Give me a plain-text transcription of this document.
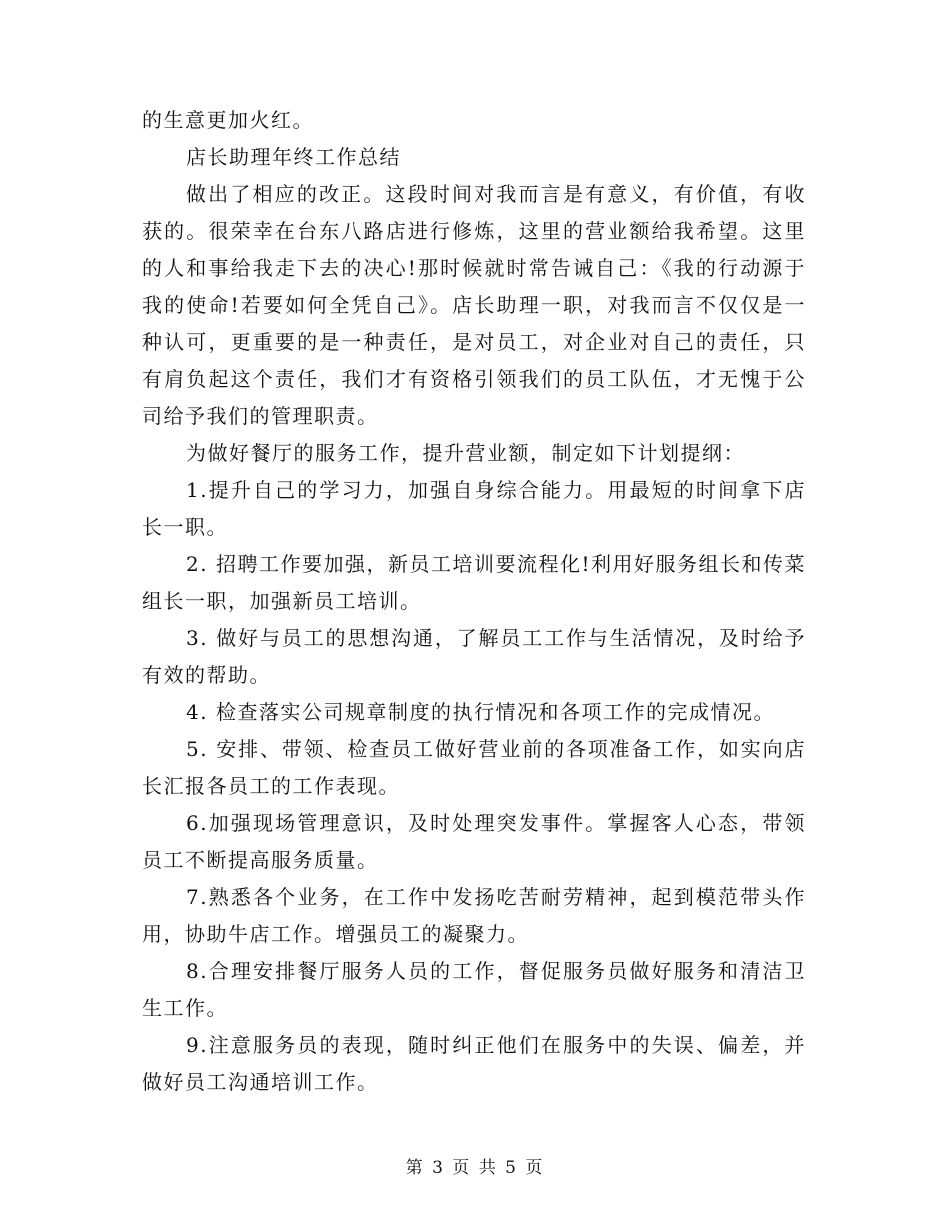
的生意更加火红。

店长助理年终工作总结

做出了相应的改正。这段时间对我而言是有意义，有价值，有收获的。很荣幸在台东八路店进行修炼，这里的营业额给我希望。这里的人和事给我走下去的决心!那时候就时常告诫自己：《我的行动源于我的使命!若要如何全凭自己》。店长助理一职，对我而言不仅仅是一种认可，更重要的是一种责任，是对员工，对企业对自己的责任，只有肩负起这个责任，我们才有资格引领我们的员工队伍，才无愧于公司给予我们的管理职责。

为做好餐厅的服务工作，提升营业额，制定如下计划提纲：

1.提升自己的学习力，加强自身综合能力。用最短的时间拿下店长一职。

2. 招聘工作要加强，新员工培训要流程化!利用好服务组长和传菜组长一职，加强新员工培训。

3. 做好与员工的思想沟通，了解员工工作与生活情况，及时给予有效的帮助。

4. 检查落实公司规章制度的执行情况和各项工作的完成情况。

5. 安排、带领、检查员工做好营业前的各项准备工作，如实向店长汇报各员工的工作表现。

6.加强现场管理意识，及时处理突发事件。掌握客人心态，带领员工不断提高服务质量。

7.熟悉各个业务，在工作中发扬吃苦耐劳精神，起到模范带头作用，协助牛店工作。增强员工的凝聚力。

8.合理安排餐厅服务人员的工作，督促服务员做好服务和清洁卫生工作。

9.注意服务员的表现，随时纠正他们在服务中的失误、偏差，并做好员工沟通培训工作。

第 3 页 共 5 页
